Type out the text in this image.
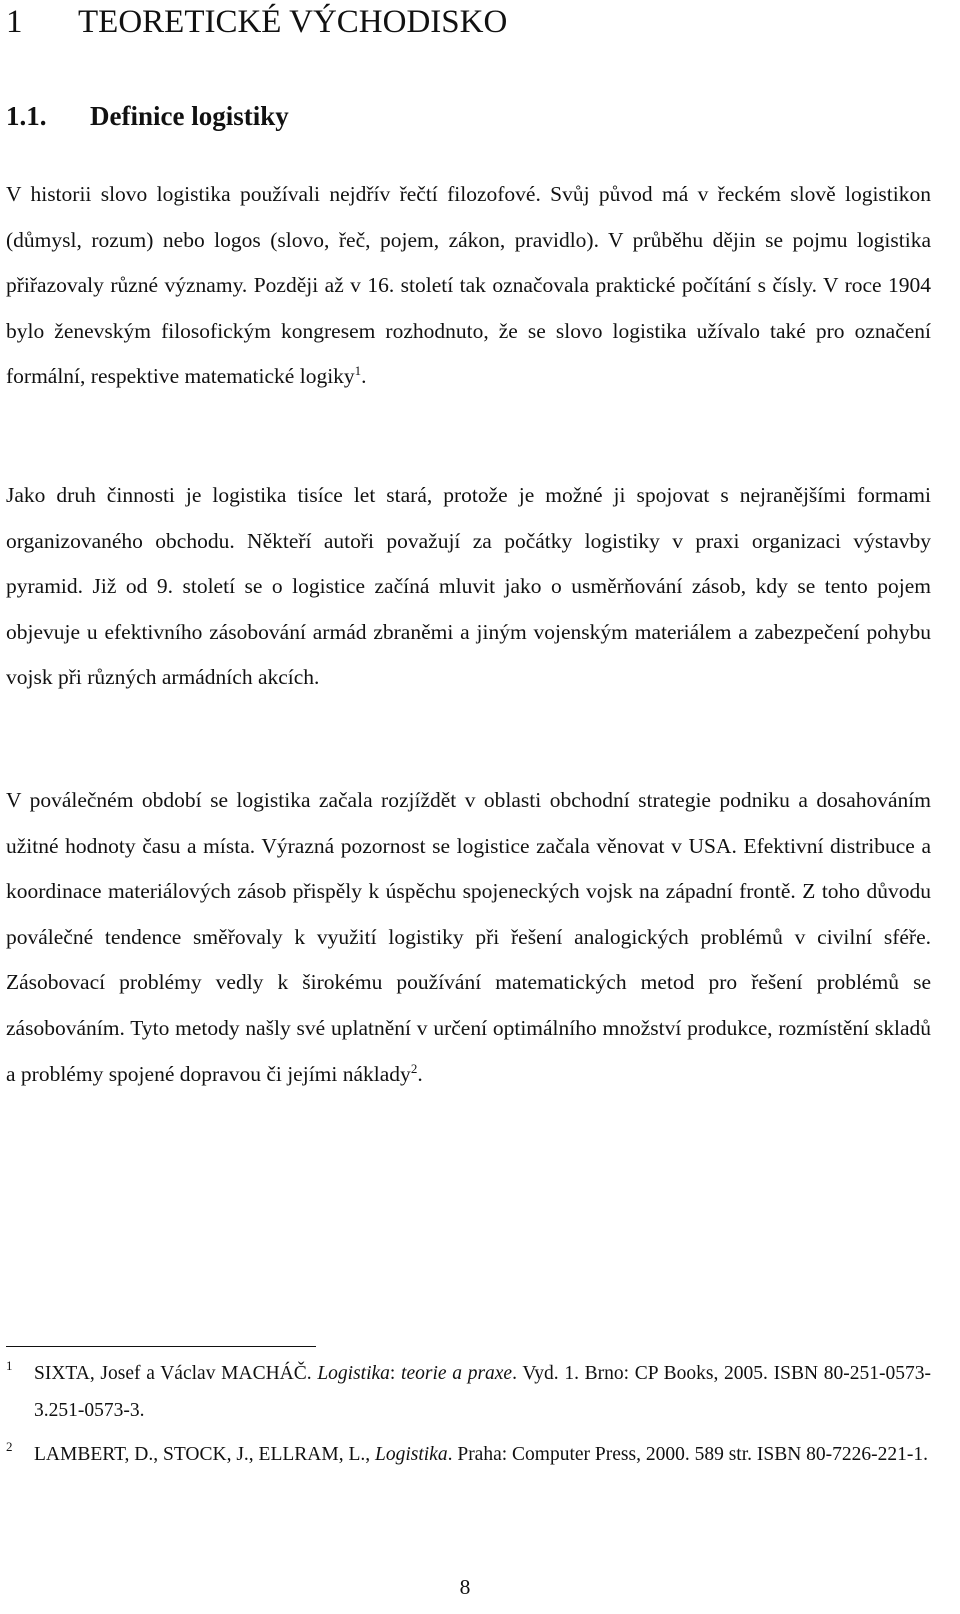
1 TEORETICKÉ VÝCHODISKO
1.1. Definice logistiky

V historii slovo logistika používali nejdřív řečtí filozofové. Svůj původ má v řeckém slově logistikon (důmysl, rozum) nebo logos (slovo, řeč, pojem, zákon, pravidlo). V průběhu dějin se pojmu logistika přiřazovaly různé významy. Později až v 16. století tak označovala praktické počítání s čísly. V roce 1904 bylo ženevským filosofickým kongresem rozhodnuto, že se slovo logistika užívalo také pro označení formální, respektive matematické logiky$^1$.

Jako druh činnosti je logistika tisíce let stará, protože je možné ji spojovat s nejranějšími formami organizovaného obchodu. Někteří autoři považují za počátky logistiky v praxi organizaci výstavby pyramid. Již od 9. století se o logistice začíná mluvit jako o usměrňování zásob, kdy se tento pojem objevuje u efektivního zásobování armád zbraněmi a jiným vojenským materiálem a zabezpečení pohybu vojsk při různých armádních akcích.

V poválečném období se logistika začala rozjíždět v oblasti obchodní strategie podniku a dosahováním užitné hodnoty času a místa. Výrazná pozornost se logistice začala věnovat v USA. Efektivní distribuce a koordinace materiálových zásob přispěly k úspěchu spojeneckých vojsk na západní frontě. Z toho důvodu poválečné tendence směřovaly k využití logistiky při řešení analogických problémů v civilní sféře. Zásobovací problémy vedly k širokému používání matematických metod pro řešení problémů se zásobováním. Tyto metody našly své uplatnění v určení optimálního množství produkce, rozmístění skladů a problémy spojené dopravou či jejími náklady$^2$.

1	SIXTA, Josef a Václav MACHÁČ. Logistika: teorie a praxe. Vyd. 1. Brno: CP Books, 2005. ISBN 80-251-0573-3.251-0573-3.
2	LAMBERT, D., STOCK, J., ELLRAM, L., Logistika. Praha: Computer Press, 2000. 589 str. ISBN 80-7226-221-1.
8
